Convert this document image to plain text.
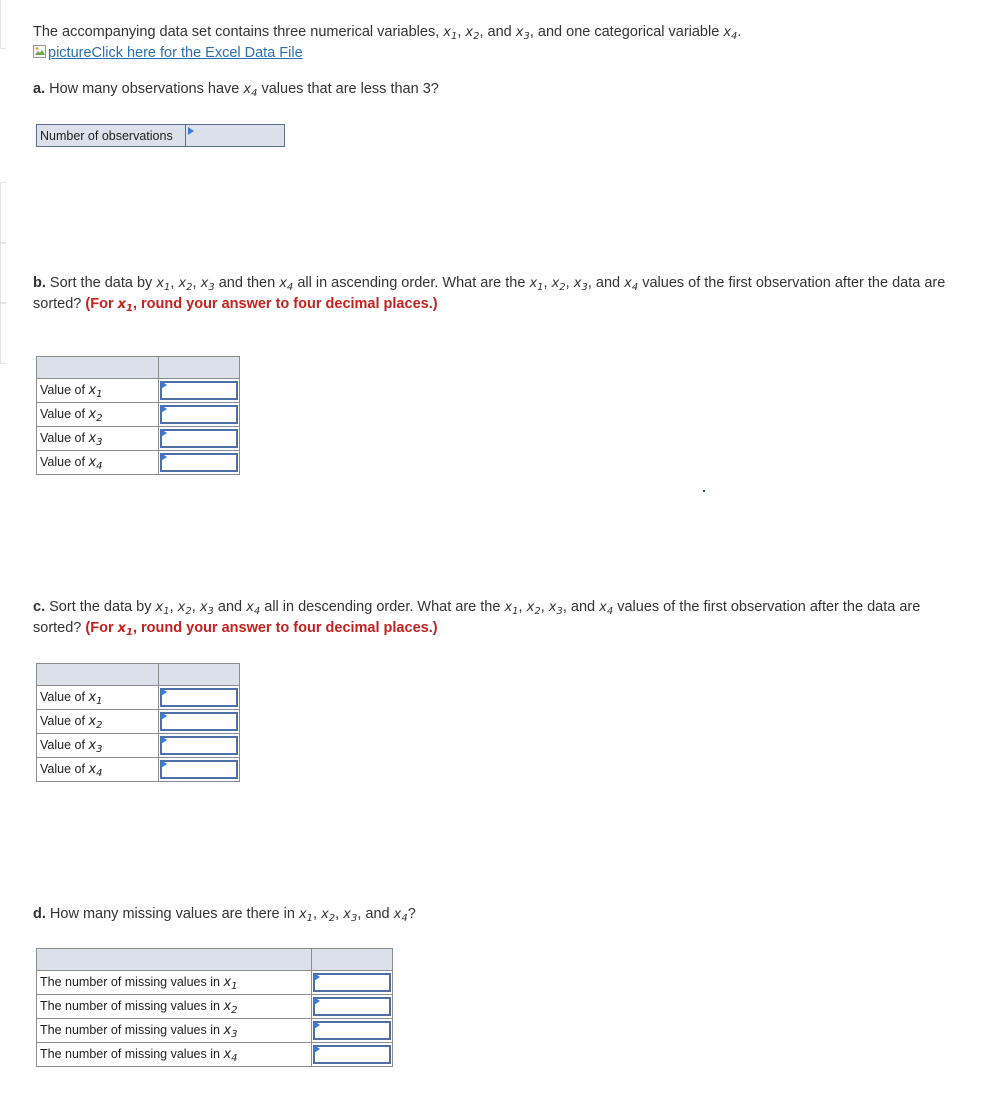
The accompanying data set contains three numerical variables, $x_1$, $x_2$, and $x_3$, and one categorical variable $x_4$.
pictureClick here for the Excel Data File
a. How many observations have $x_4$ values that are less than 3?
Number of observations	
b. Sort the data by $x_1$, $x_2$, $x_3$ and then $x_4$ all in ascending order. What are the $x_1$, $x_2$, $x_3$, and $x_4$ values of the first observation after the data are sorted? (For $x_1$, round your answer to four decimal places.)

Value of $x_1$	

Value of $x_2$	

Value of $x_3$	

Value of $x_4$	
c. Sort the data by $x_1$, $x_2$, $x_3$ and $x_4$ all in descending order. What are the $x_1$, $x_2$, $x_3$, and $x_4$ values of the first observation after the data are sorted? (For $x_1$, round your answer to four decimal places.)

Value of $x_1$	

Value of $x_2$	

Value of $x_3$	

Value of $x_4$	
d. How many missing values are there in $x_1$, $x_2$, $x_3$, and $x_4$?

The number of missing values in $x_1$	

The number of missing values in $x_2$	

The number of missing values in $x_3$	

The number of missing values in $x_4$	
